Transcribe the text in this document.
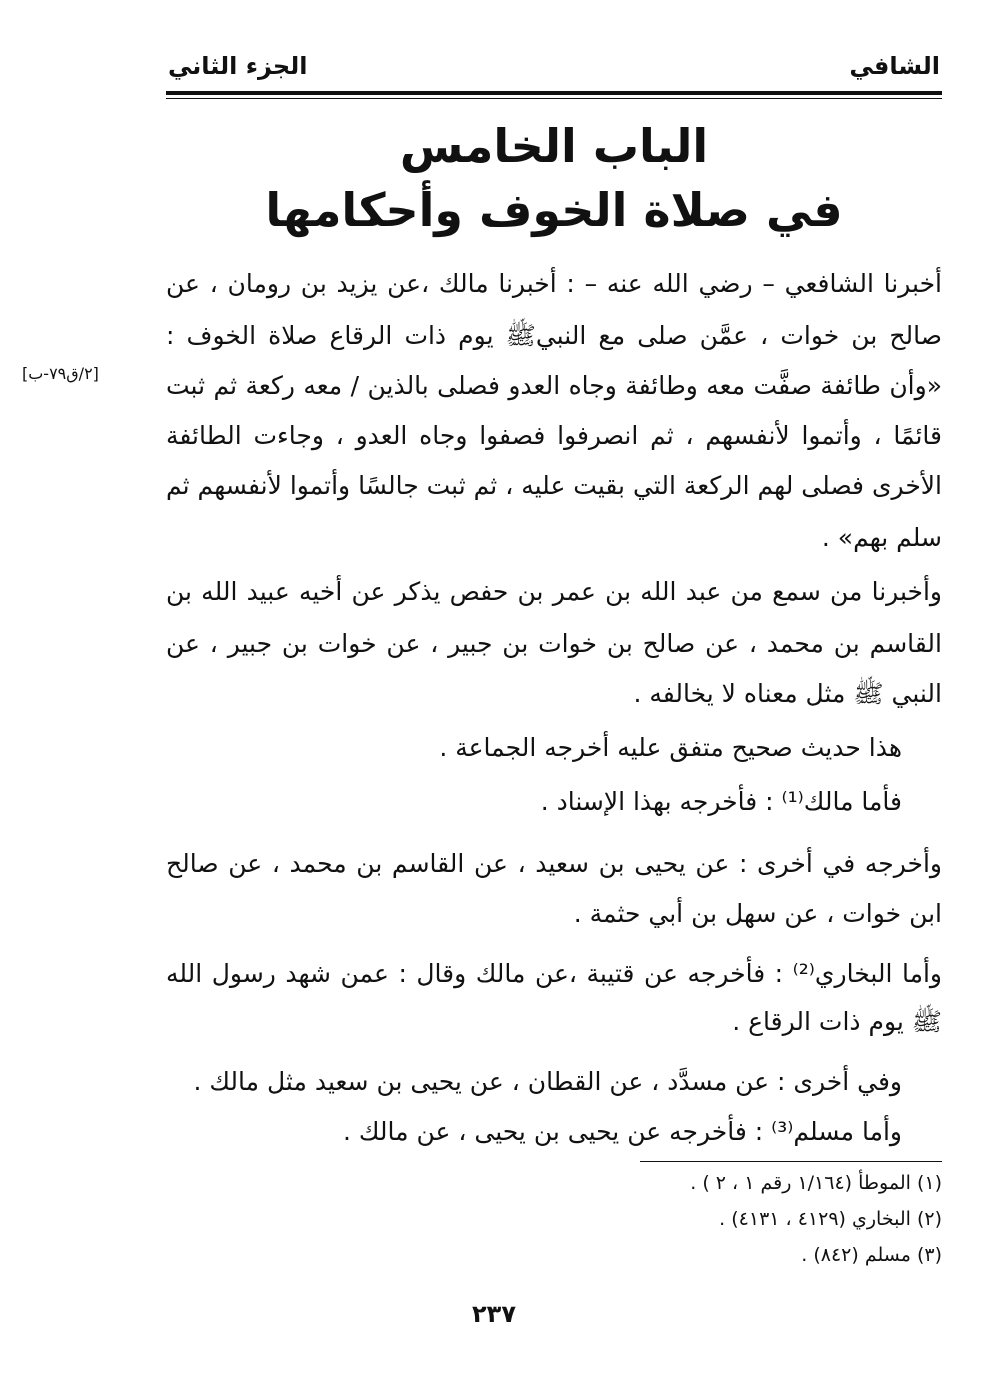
الشافي
الجزء الثاني
الباب الخامس
في صلاة الخوف وأحكامها
[٢/ق٧٩-ب]
أخبرنا الشافعي – رضي الله عنه – : أخبرنا مالك ،عن يزيد بن رومان ، عن
صالح بن خوات ، عمَّن صلى مع النبيﷺ يوم ذات الرقاع صلاة الخوف :
«وأن طائفة صفَّت معه وطائفة وجاه العدو فصلى بالذين / معه ركعة ثم ثبت
قائمًا ، وأتموا لأنفسهم ، ثم انصرفوا فصفوا وجاه العدو ، وجاءت الطائفة
الأخرى فصلى لهم الركعة التي بقيت عليه ، ثم ثبت جالسًا وأتموا لأنفسهم ثم
سلم بهم» .
وأخبرنا من سمع من عبد الله بن عمر بن حفص يذكر عن أخيه عبيد الله بن
القاسم بن محمد ، عن صالح بن خوات بن جبير ، عن خوات بن جبير ، عن
النبي ﷺ مثل معناه لا يخالفه .
هذا حديث صحيح متفق عليه أخرجه الجماعة .
فأما مالك⁽¹⁾ : فأخرجه بهذا الإسناد .
وأخرجه في أخرى : عن يحيى بن سعيد ، عن القاسم بن محمد ، عن صالح
ابن خوات ، عن سهل بن أبي حثمة .
وأما البخاري⁽²⁾ : فأخرجه عن قتيبة ،عن مالك وقال : عمن شهد رسول الله
ﷺ يوم ذات الرقاع .
وفي أخرى : عن مسدَّد ، عن القطان ، عن يحيى بن سعيد مثل مالك .
وأما مسلم⁽³⁾ : فأخرجه عن يحيى بن يحيى ، عن مالك .
(١) الموطأ (١/١٦٤ رقم ١ ، ٢ ) .
(٢) البخاري (٤١٢٩ ، ٤١٣١) .
(٣) مسلم (٨٤٢) .
٢٣٧
